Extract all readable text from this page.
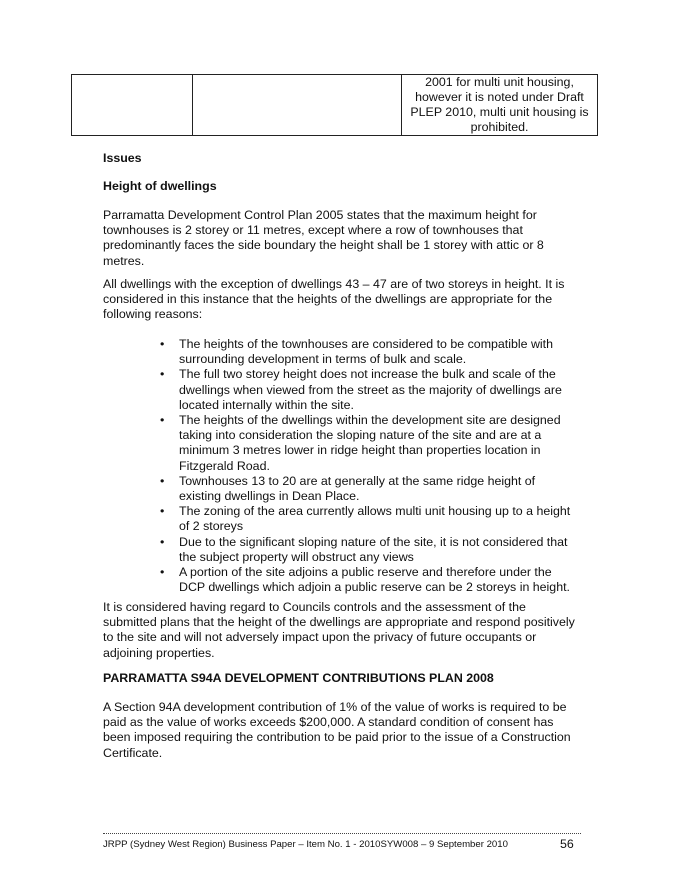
		2001 for multi unit housing, however it is noted under Draft PLEP 2010, multi unit housing is prohibited.

Issues

Height of dwellings

Parramatta Development Control Plan 2005 states that the maximum height for townhouses is 2 storey or 11 metres, except where a row of townhouses that predominantly faces the side boundary the height shall be 1 storey with attic or 8 metres.

All dwellings with the exception of dwellings 43 – 47 are of two storeys in height. It is considered in this instance that the heights of the dwellings are appropriate for the following reasons:

• The heights of the townhouses are considered to be compatible with surrounding development in terms of bulk and scale.
• The full two storey height does not increase the bulk and scale of the dwellings when viewed from the street as the majority of dwellings are located internally within the site.
• The heights of the dwellings within the development site are designed taking into consideration the sloping nature of the site and are at a minimum 3 metres lower in ridge height than properties location in Fitzgerald Road.
• Townhouses 13 to 20 are at generally at the same ridge height of existing dwellings in Dean Place.
• The zoning of the area currently allows multi unit housing up to a height of 2 storeys
• Due to the significant sloping nature of the site, it is not considered that the subject property will obstruct any views
• A portion of the site adjoins a public reserve and therefore under the DCP dwellings which adjoin a public reserve can be 2 storeys in height.

It is considered having regard to Councils controls and the assessment of the submitted plans that the height of the dwellings are appropriate and respond positively to the site and will not adversely impact upon the privacy of future occupants or adjoining properties.

PARRAMATTA S94A DEVELOPMENT CONTRIBUTIONS PLAN 2008

A Section 94A development contribution of 1% of the value of works is required to be paid as the value of works exceeds $200,000. A standard condition of consent has been imposed requiring the contribution to be paid prior to the issue of a Construction Certificate.

JRPP (Sydney West Region) Business Paper – Item No. 1 - 2010SYW008 – 9 September 2010	56
